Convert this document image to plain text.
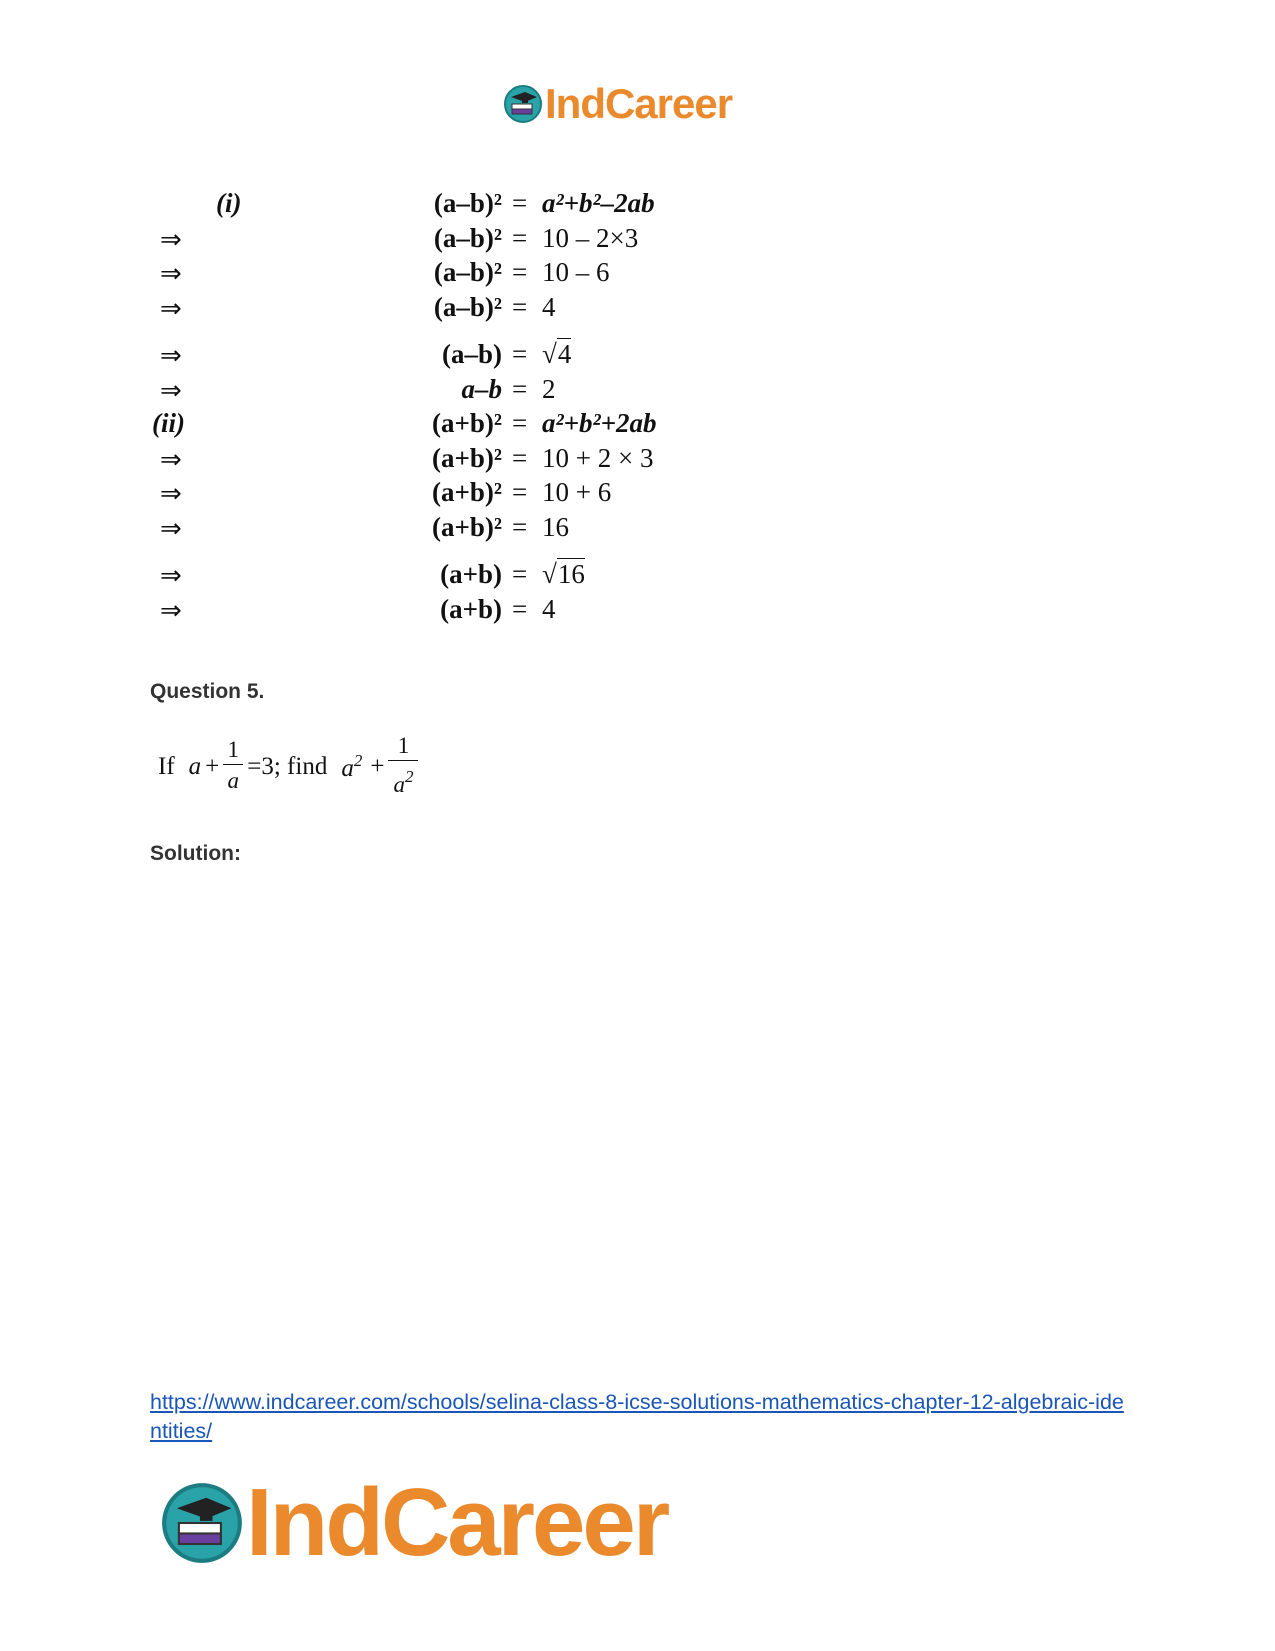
IndCareer
(i)	(a–b)² = a²+b²–2ab
⇒	(a–b)² = 10 – 2×3
⇒	(a–b)² = 10 – 6
⇒	(a–b)² = 4
⇒	(a–b) = √4
⇒	a–b = 2
(ii)	(a+b)² = a²+b²+2ab
⇒	(a+b)² = 10 + 2 × 3
⇒	(a+b)² = 10 + 6
⇒	(a+b)² = 16
⇒	(a+b) = √16
⇒	(a+b) = 4
Question 5.
If $a + \frac{1}{a} =3$; find $a^2 + \frac{1}{a^2}$
Solution:
https://www.indcareer.com/schools/selina-class-8-icse-solutions-mathematics-chapter-12-algebraic-identities/
IndCareer
